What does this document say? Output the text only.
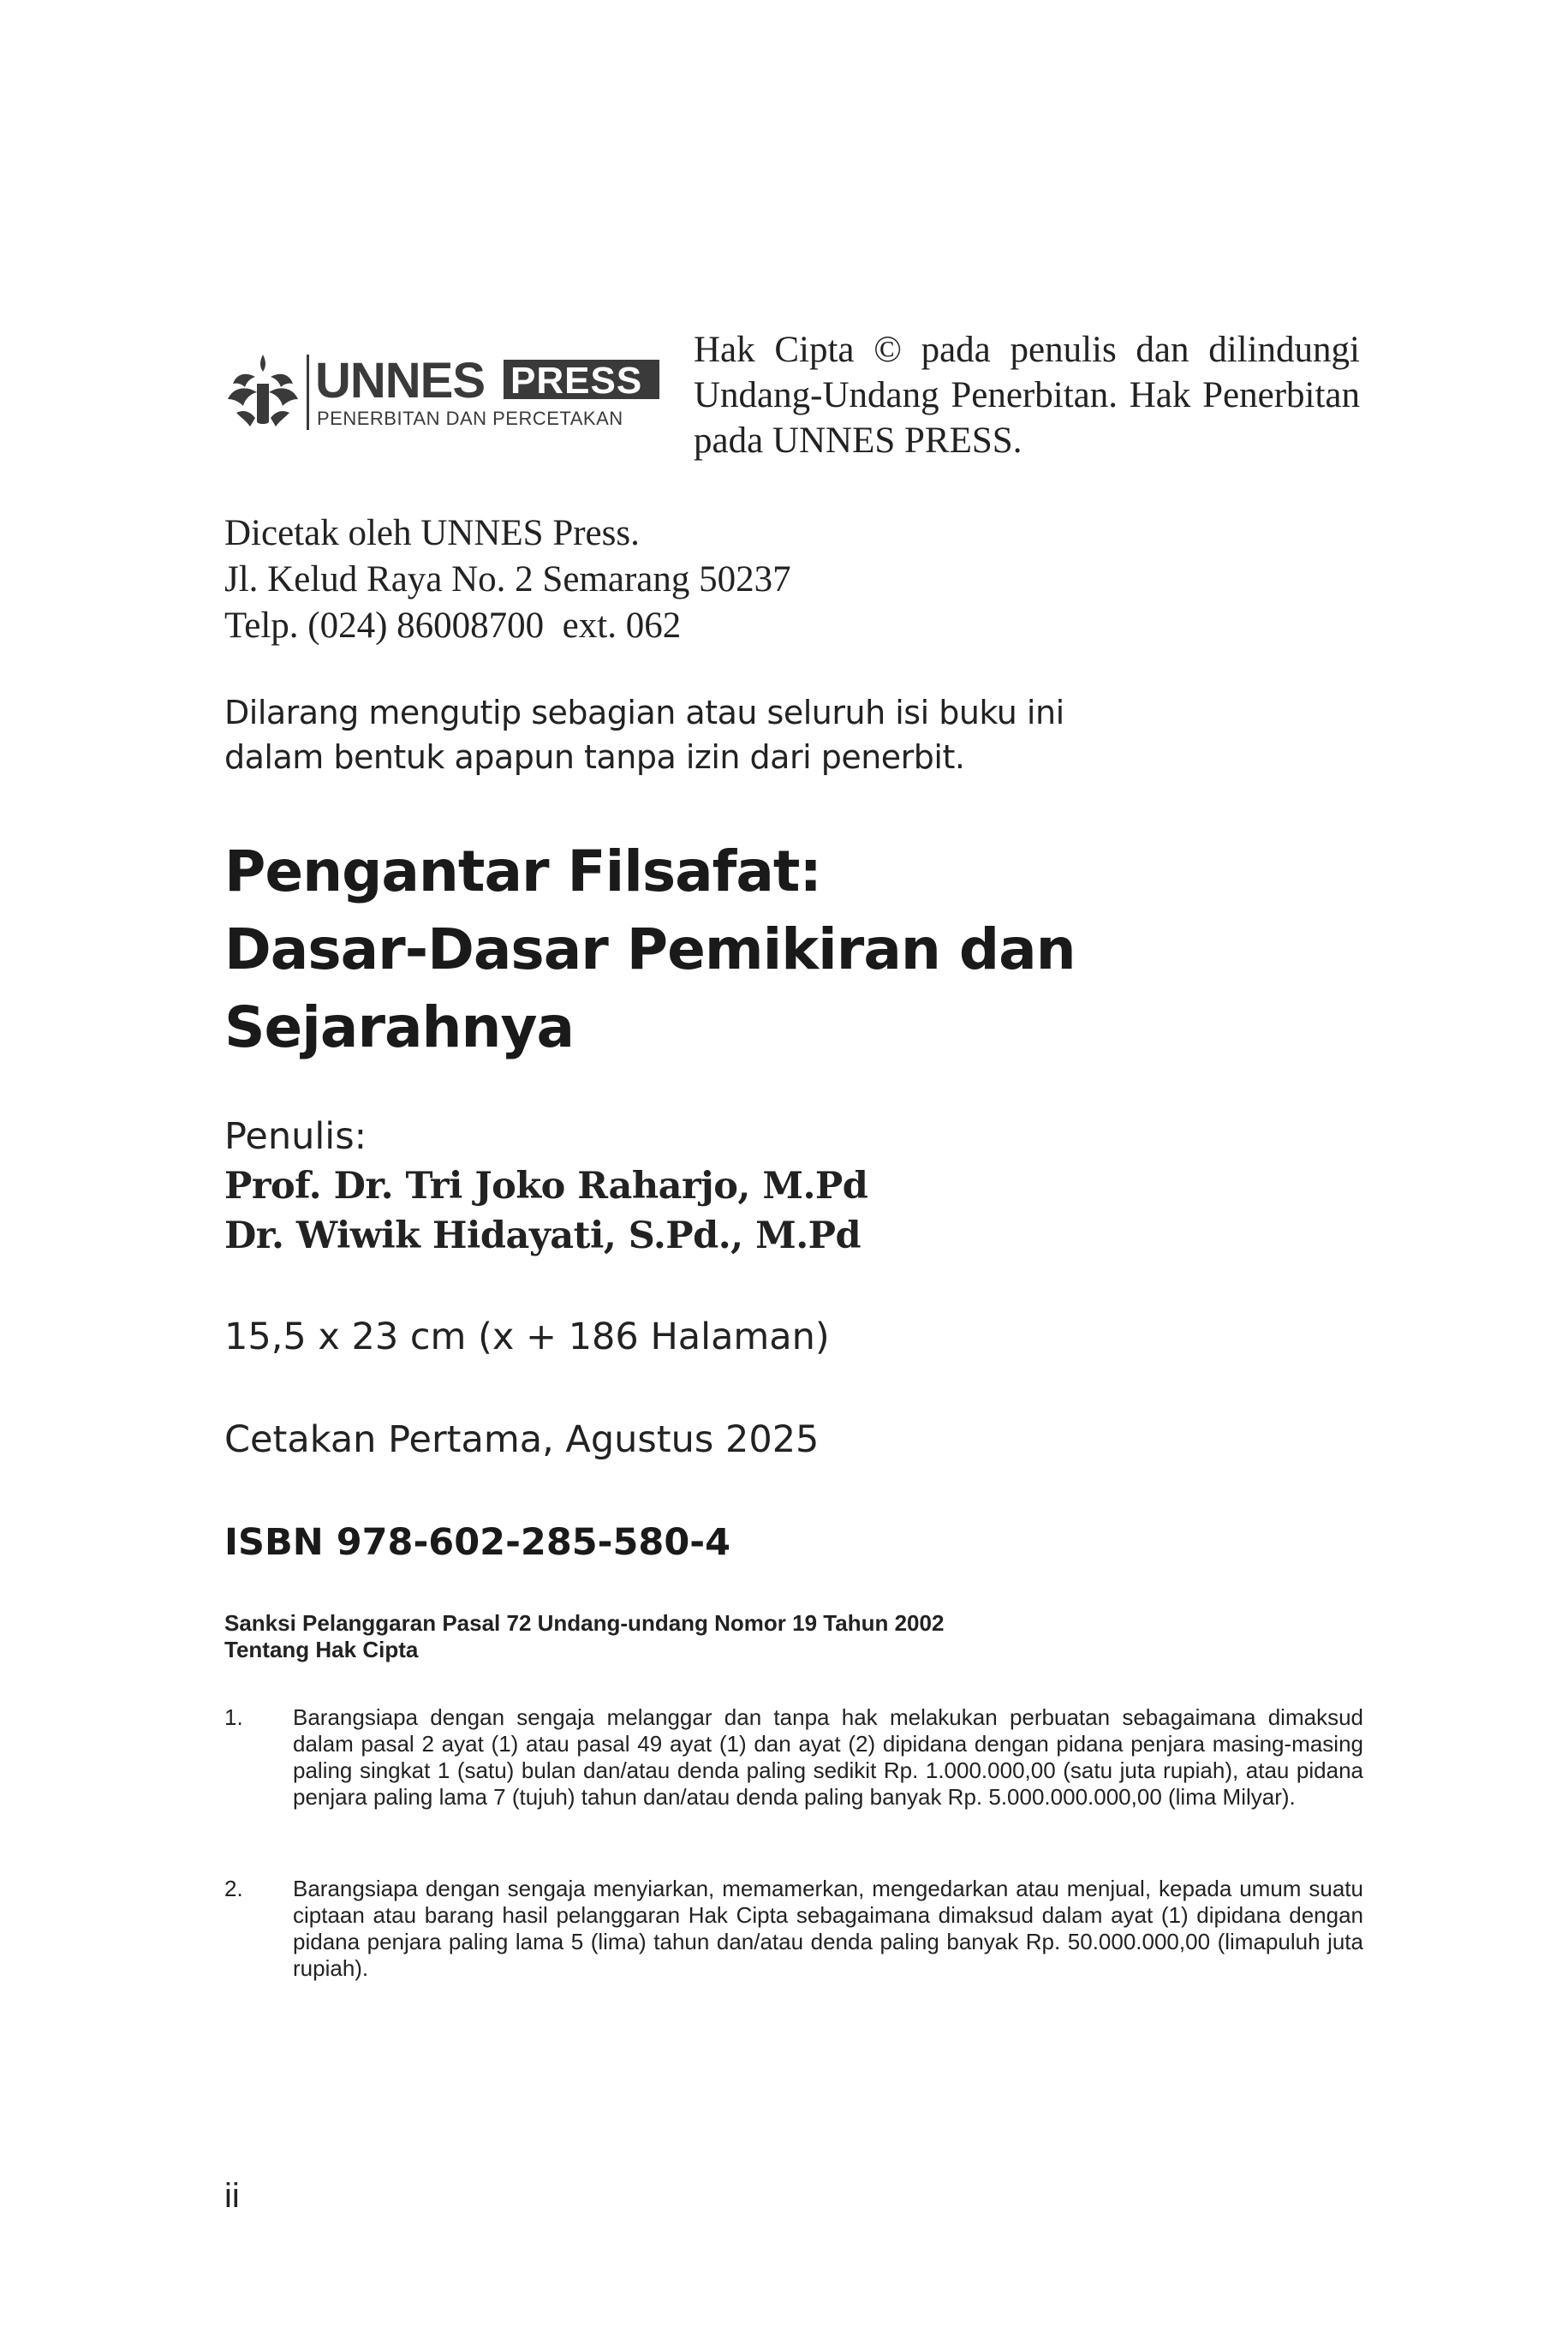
UNNES PRESS
PENERBITAN DAN PERCETAKAN
Hak Cipta © pada penulis dan dilindungi Undang-Undang Penerbitan. Hak Penerbitan pada UNNES PRESS.
Dicetak oleh UNNES Press.
Jl. Kelud Raya No. 2 Semarang 50237
Telp. (024) 86008700  ext. 062
Dilarang mengutip sebagian atau seluruh isi buku ini
dalam bentuk apapun tanpa izin dari penerbit.
Pengantar Filsafat:
Dasar-Dasar Pemikiran dan
Sejarahnya
Penulis:
Prof. Dr. Tri Joko Raharjo, M.Pd
Dr. Wiwik Hidayati, S.Pd., M.Pd
15,5 x 23 cm (x + 186 Halaman)
Cetakan Pertama, Agustus 2025
ISBN 978-602-285-580-4
Sanksi Pelanggaran Pasal 72 Undang-undang Nomor 19 Tahun 2002
Tentang Hak Cipta
1.	Barangsiapa dengan sengaja melanggar dan tanpa hak melakukan perbuatan sebagaimana dimaksud dalam pasal 2 ayat (1) atau pasal 49 ayat (1) dan ayat (2) dipidana dengan pidana penjara masing-masing paling singkat 1 (satu) bulan dan/atau denda paling sedikit Rp. 1.000.000,00 (satu juta rupiah), atau pidana penjara paling lama 7 (tujuh) tahun dan/atau denda paling banyak Rp. 5.000.000.000,00 (lima Milyar).
2.	Barangsiapa dengan sengaja menyiarkan, memamerkan, mengedarkan atau menjual, kepada umum suatu ciptaan atau barang hasil pelanggaran Hak Cipta sebagaimana dimaksud dalam ayat (1) dipidana dengan pidana penjara paling lama 5 (lima) tahun dan/atau denda paling banyak Rp. 50.000.000,00 (limapuluh juta rupiah).
ii
